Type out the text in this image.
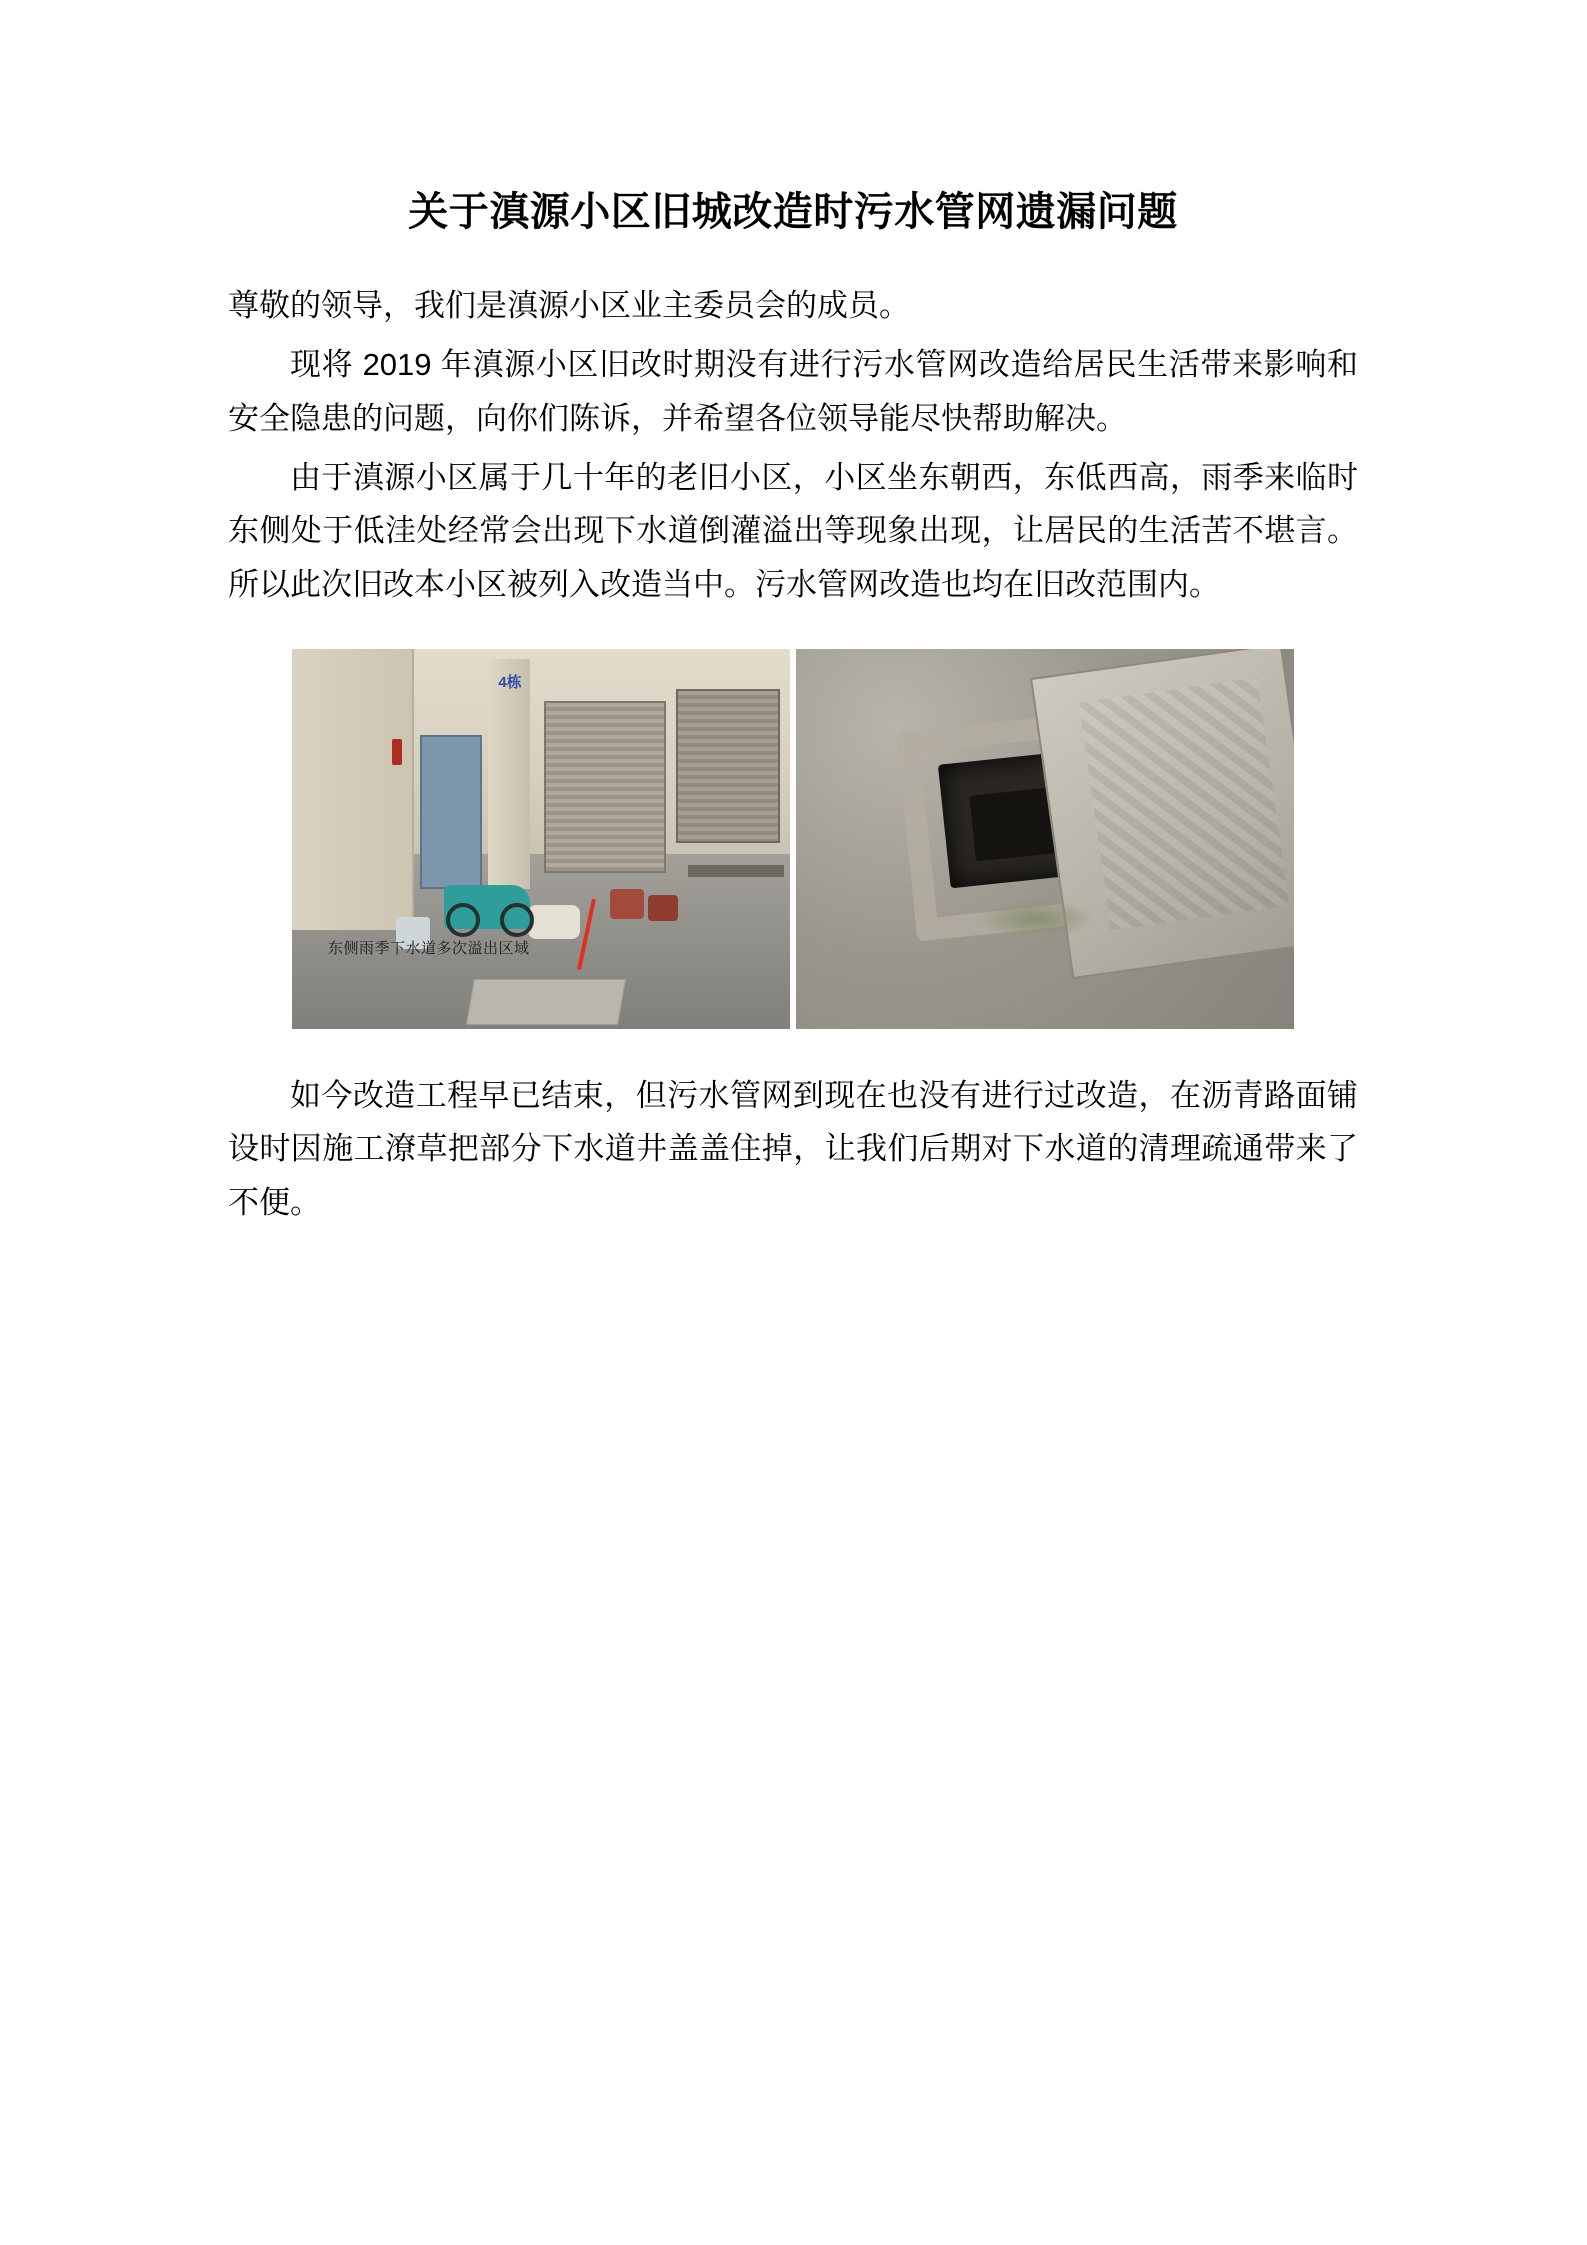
关于滇源小区旧城改造时污水管网遗漏问题

尊敬的领导，我们是滇源小区业主委员会的成员。

现将 2019 年滇源小区旧改时期没有进行污水管网改造给居民生活带来影响和安全隐患的问题，向你们陈诉，并希望各位领导能尽快帮助解决。

由于滇源小区属于几十年的老旧小区，小区坐东朝西，东低西高，雨季来临时东侧处于低洼处经常会出现下水道倒灌溢出等现象出现，让居民的生活苦不堪言。所以此次旧改本小区被列入改造当中。污水管网改造也均在旧改范围内。

4栋
东侧雨季下水道多次溢出区域

如今改造工程早已结束，但污水管网到现在也没有进行过改造，在沥青路面铺设时因施工潦草把部分下水道井盖盖住掉，让我们后期对下水道的清理疏通带来了不便。
